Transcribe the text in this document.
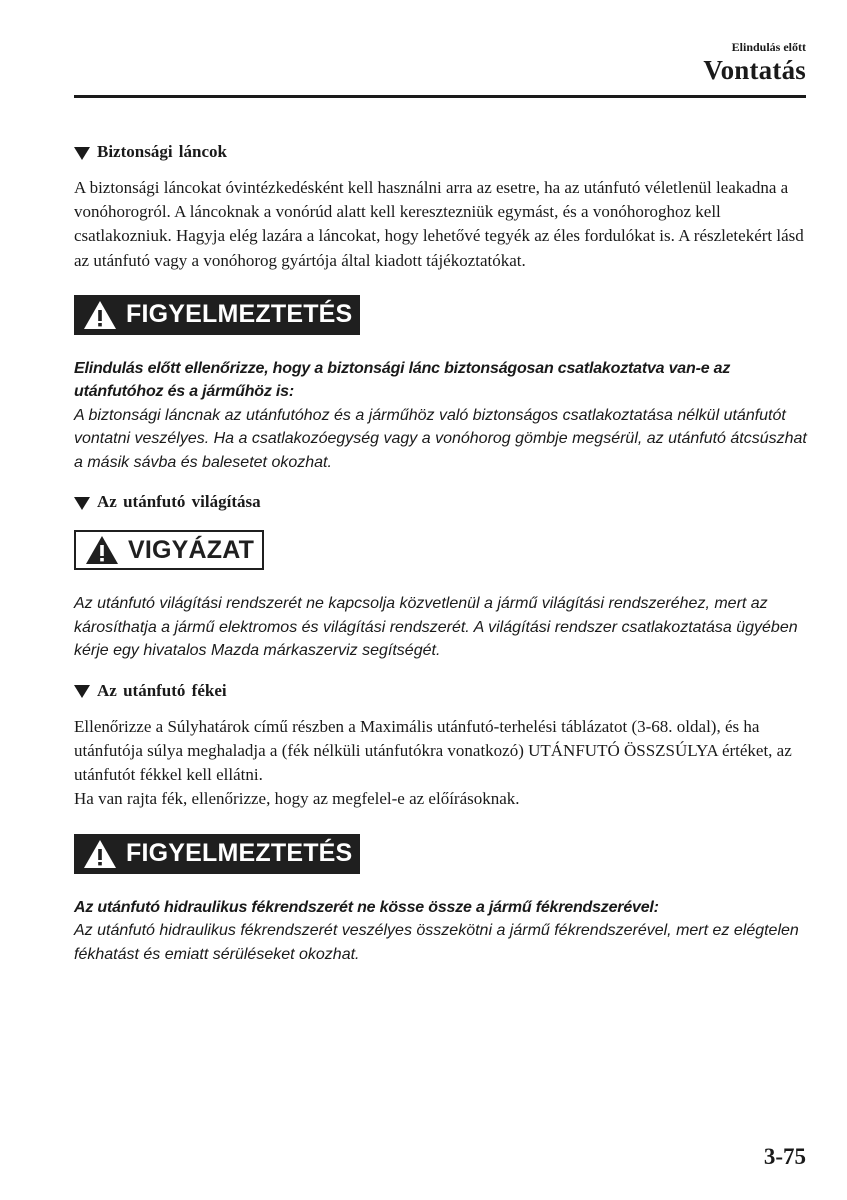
Elindulás előtt
Vontatás
Biztonsági láncok

A biztonsági láncokat óvintézkedésként kell használni arra az esetre, ha az utánfutó véletlenül leakadna a vonóhorogról. A láncoknak a vonórúd alatt kell keresztezniük egymást, és a vonóhoroghoz kell csatlakozniuk. Hagyja elég lazára a láncokat, hogy lehetővé tegyék az éles fordulókat is. A részletekért lásd az utánfutó vagy a vonóhorog gyártója által kiadott tájékoztatókat.

FIGYELMEZTETÉS

Elindulás előtt ellenőrizze, hogy a biztonsági lánc biztonságosan csatlakoztatva van-e az utánfutóhoz és a járműhöz is:

A biztonsági láncnak az utánfutóhoz és a járműhöz való biztonságos csatlakoztatása nélkül utánfutót vontatni veszélyes. Ha a csatlakozóegység vagy a vonóhorog gömbje megsérül, az utánfutó átcsúszhat a másik sávba és balesetet okozhat.

Az utánfutó világítása
VIGYÁZAT

Az utánfutó világítási rendszerét ne kapcsolja közvetlenül a jármű világítási rendszeréhez, mert az károsíthatja a jármű elektromos és világítási rendszerét. A világítási rendszer csatlakoztatása ügyében kérje egy hivatalos Mazda márkaszerviz segítségét.

Az utánfutó fékei

Ellenőrizze a Súlyhatárok című részben a Maximális utánfutó-terhelési táblázatot (3-68. oldal), és ha utánfutója súlya meghaladja a (fék nélküli utánfutókra vonatkozó) UTÁNFUTÓ ÖSSZSÚLYA értéket, az utánfutót fékkel kell ellátni.

Ha van rajta fék, ellenőrizze, hogy az megfelel-e az előírásoknak.

FIGYELMEZTETÉS

Az utánfutó hidraulikus fékrendszerét ne kösse össze a jármű fékrendszerével:

Az utánfutó hidraulikus fékrendszerét veszélyes összekötni a jármű fékrendszerével, mert ez elégtelen fékhatást és emiatt sérüléseket okozhat.

3-75
